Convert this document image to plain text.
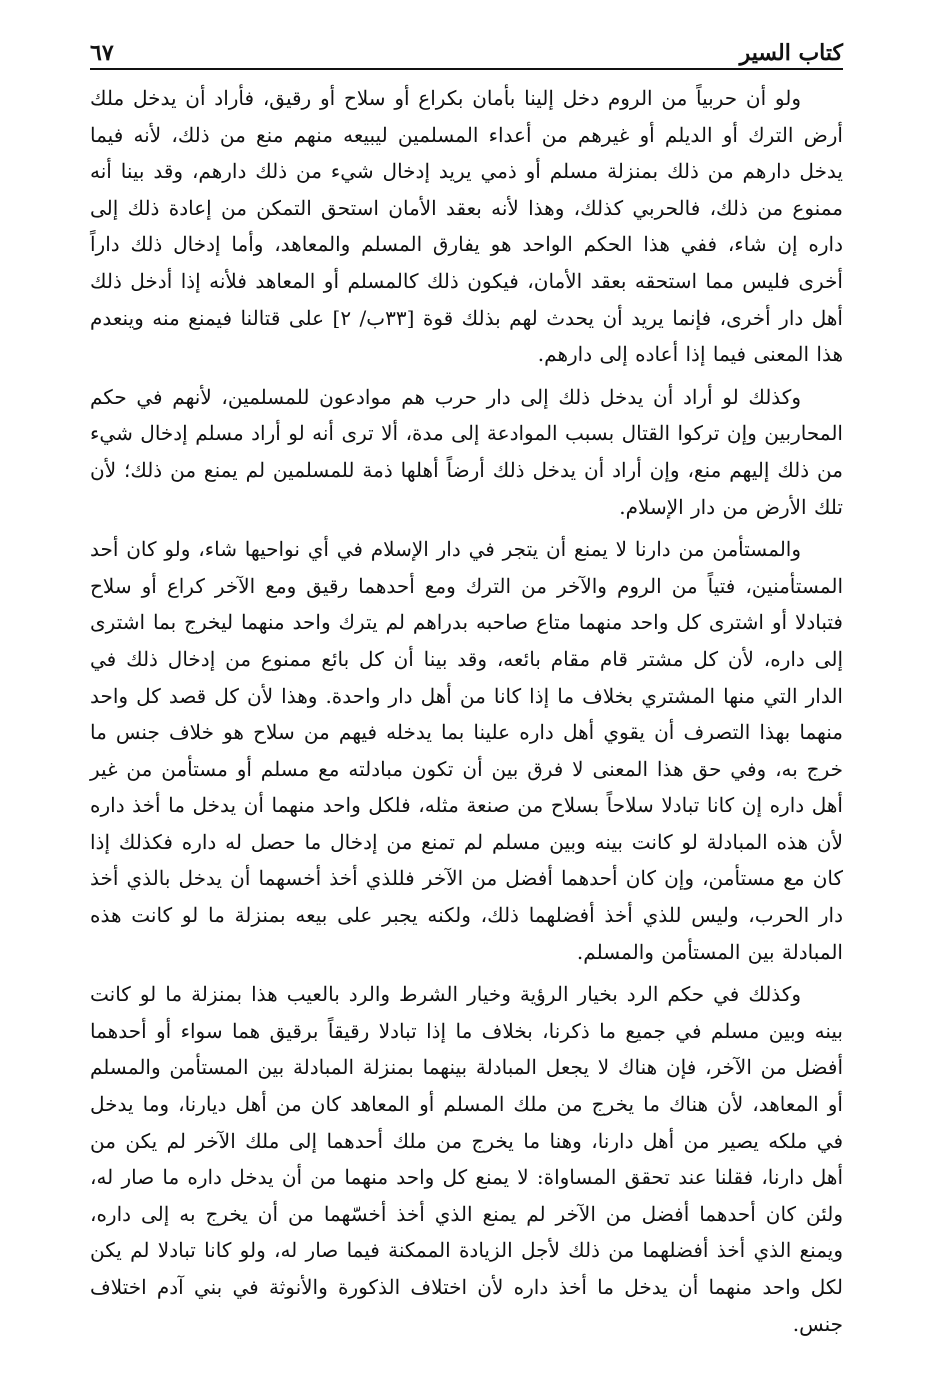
كتاب السير
٦٧

ولو أن حربياً من الروم دخل إلينا بأمان بكراع أو سلاح أو رقيق، فأراد أن يدخل ملك أرض الترك أو الديلم أو غيرهم من أعداء المسلمين ليبيعه منهم منع من ذلك، لأنه فيما يدخل دارهم من ذلك بمنزلة مسلم أو ذمي يريد إدخال شيء من ذلك دارهم، وقد بينا أنه ممنوع من ذلك، فالحربي كذلك، وهذا لأنه بعقد الأمان استحق التمكن من إعادة ذلك إلى داره إن شاء، ففي هذا الحكم الواحد هو يفارق المسلم والمعاهد، وأما إدخال ذلك داراً أخرى فليس مما استحقه بعقد الأمان، فيكون ذلك كالمسلم أو المعاهد فلأنه إذا أدخل ذلك أهل دار أخرى، فإنما يريد أن يحدث لهم بذلك قوة [٣٣ب/ ٢] على قتالنا فيمنع منه وينعدم هذا المعنى فيما إذا أعاده إلى دارهم.

وكذلك لو أراد أن يدخل ذلك إلى دار حرب هم موادعون للمسلمين، لأنهم في حكم المحاربين وإن تركوا القتال بسبب الموادعة إلى مدة، ألا ترى أنه لو أراد مسلم إدخال شيء من ذلك إليهم منع، وإن أراد أن يدخل ذلك أرضاً أهلها ذمة للمسلمين لم يمنع من ذلك؛ لأن تلك الأرض من دار الإسلام.

والمستأمن من دارنا لا يمنع أن يتجر في دار الإسلام في أي نواحيها شاء، ولو كان أحد المستأمنين، فتياً من الروم والآخر من الترك ومع أحدهما رقيق ومع الآخر كراع أو سلاح فتبادلا أو اشترى كل واحد منهما متاع صاحبه بدراهم لم يترك واحد منهما ليخرج بما اشترى إلى داره، لأن كل مشتر قام مقام بائعه، وقد بينا أن كل بائع ممنوع من إدخال ذلك في الدار التي منها المشتري بخلاف ما إذا كانا من أهل دار واحدة. وهذا لأن كل قصد كل واحد منهما بهذا التصرف أن يقوي أهل داره علينا بما يدخله فيهم من سلاح هو خلاف جنس ما خرج به، وفي حق هذا المعنى لا فرق بين أن تكون مبادلته مع مسلم أو مستأمن من غير أهل داره إن كانا تبادلا سلاحاً بسلاح من صنعة مثله، فلكل واحد منهما أن يدخل ما أخذ داره لأن هذه المبادلة لو كانت بينه وبين مسلم لم تمنع من إدخال ما حصل له داره فكذلك إذا كان مع مستأمن، وإن كان أحدهما أفضل من الآخر فللذي أخذ أخسهما أن يدخل بالذي أخذ دار الحرب، وليس للذي أخذ أفضلهما ذلك، ولكنه يجبر على بيعه بمنزلة ما لو كانت هذه المبادلة بين المستأمن والمسلم.

وكذلك في حكم الرد بخيار الرؤية وخيار الشرط والرد بالعيب هذا بمنزلة ما لو كانت بينه وبين مسلم في جميع ما ذكرنا، بخلاف ما إذا تبادلا رقيقاً برقيق هما سواء أو أحدهما أفضل من الآخر، فإن هناك لا يجعل المبادلة بينهما بمنزلة المبادلة بين المستأمن والمسلم أو المعاهد، لأن هناك ما يخرج من ملك المسلم أو المعاهد كان من أهل ديارنا، وما يدخل في ملكه يصير من أهل دارنا، وهنا ما يخرج من ملك أحدهما إلى ملك الآخر لم يكن من أهل دارنا، فقلنا عند تحقق المساواة: لا يمنع كل واحد منهما من أن يدخل داره ما صار له، ولئن كان أحدهما أفضل من الآخر لم يمنع الذي أخذ أخسّهما من أن يخرج به إلى داره، ويمنع الذي أخذ أفضلهما من ذلك لأجل الزيادة الممكنة فيما صار له، ولو كانا تبادلا لم يكن لكل واحد منهما أن يدخل ما أخذ داره لأن اختلاف الذكورة والأنوثة في بني آدم اختلاف جنس.
